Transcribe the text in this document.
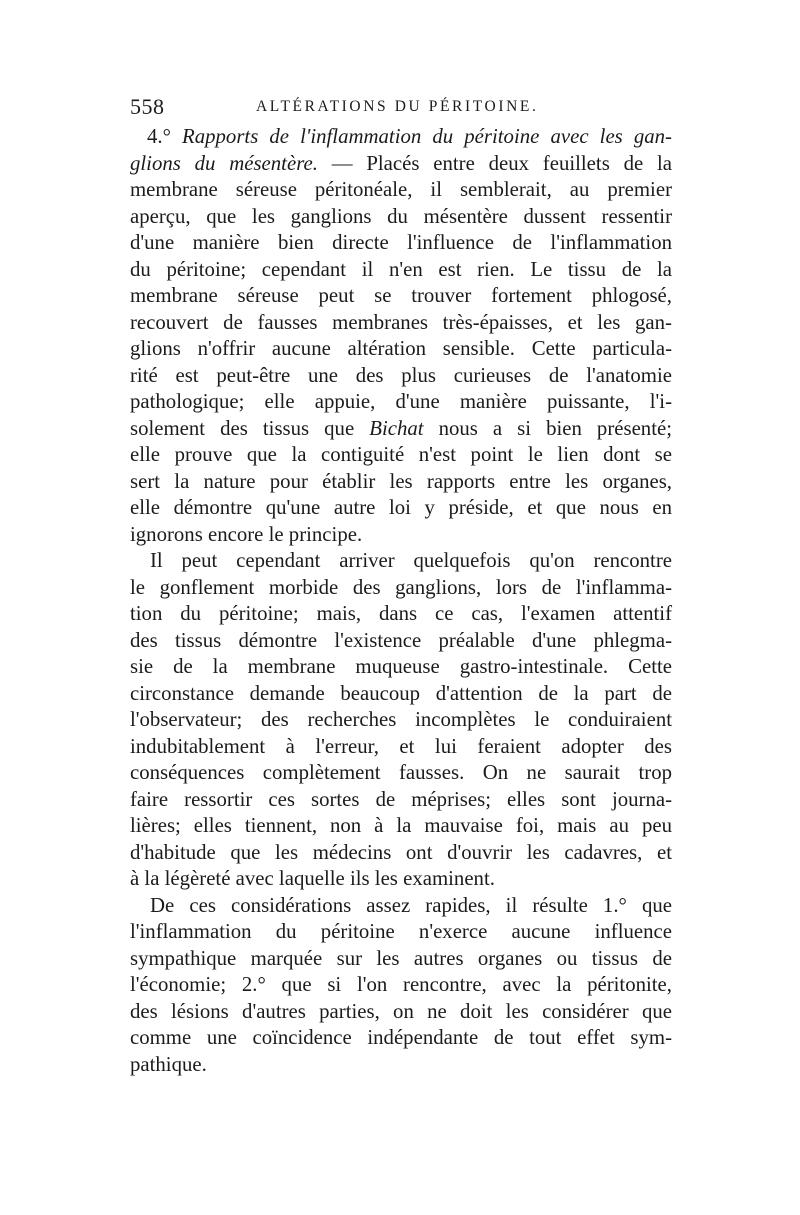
558	ALTÉRATIONS DU PÉRITOINE.
4.° Rapports de l'inflammation du péritoine avec les gan-
glions du mésentère. — Placés entre deux feuillets de la
membrane séreuse péritonéale, il semblerait, au premier
aperçu, que les ganglions du mésentère dussent ressentir
d'une manière bien directe l'influence de l'inflammation
du péritoine; cependant il n'en est rien. Le tissu de la
membrane séreuse peut se trouver fortement phlogosé,
recouvert de fausses membranes très-épaisses, et les gan-
glions n'offrir aucune altération sensible. Cette particula-
rité est peut-être une des plus curieuses de l'anatomie
pathologique; elle appuie, d'une manière puissante, l'i-
solement des tissus que Bichat nous a si bien présenté;
elle prouve que la contiguité n'est point le lien dont se
sert la nature pour établir les rapports entre les organes,
elle démontre qu'une autre loi y préside, et que nous en
ignorons encore le principe.
Il peut cependant arriver quelquefois qu'on rencontre
le gonflement morbide des ganglions, lors de l'inflamma-
tion du péritoine; mais, dans ce cas, l'examen attentif
des tissus démontre l'existence préalable d'une phlegma-
sie de la membrane muqueuse gastro-intestinale. Cette
circonstance demande beaucoup d'attention de la part de
l'observateur; des recherches incomplètes le conduiraient
indubitablement à l'erreur, et lui feraient adopter des
conséquences complètement fausses. On ne saurait trop
faire ressortir ces sortes de méprises; elles sont journa-
lières; elles tiennent, non à la mauvaise foi, mais au peu
d'habitude que les médecins ont d'ouvrir les cadavres, et
à la légèreté avec laquelle ils les examinent.
De ces considérations assez rapides, il résulte 1.° que
l'inflammation du péritoine n'exerce aucune influence
sympathique marquée sur les autres organes ou tissus de
l'économie; 2.° que si l'on rencontre, avec la péritonite,
des lésions d'autres parties, on ne doit les considérer que
comme une coïncidence indépendante de tout effet sym-
pathique.
